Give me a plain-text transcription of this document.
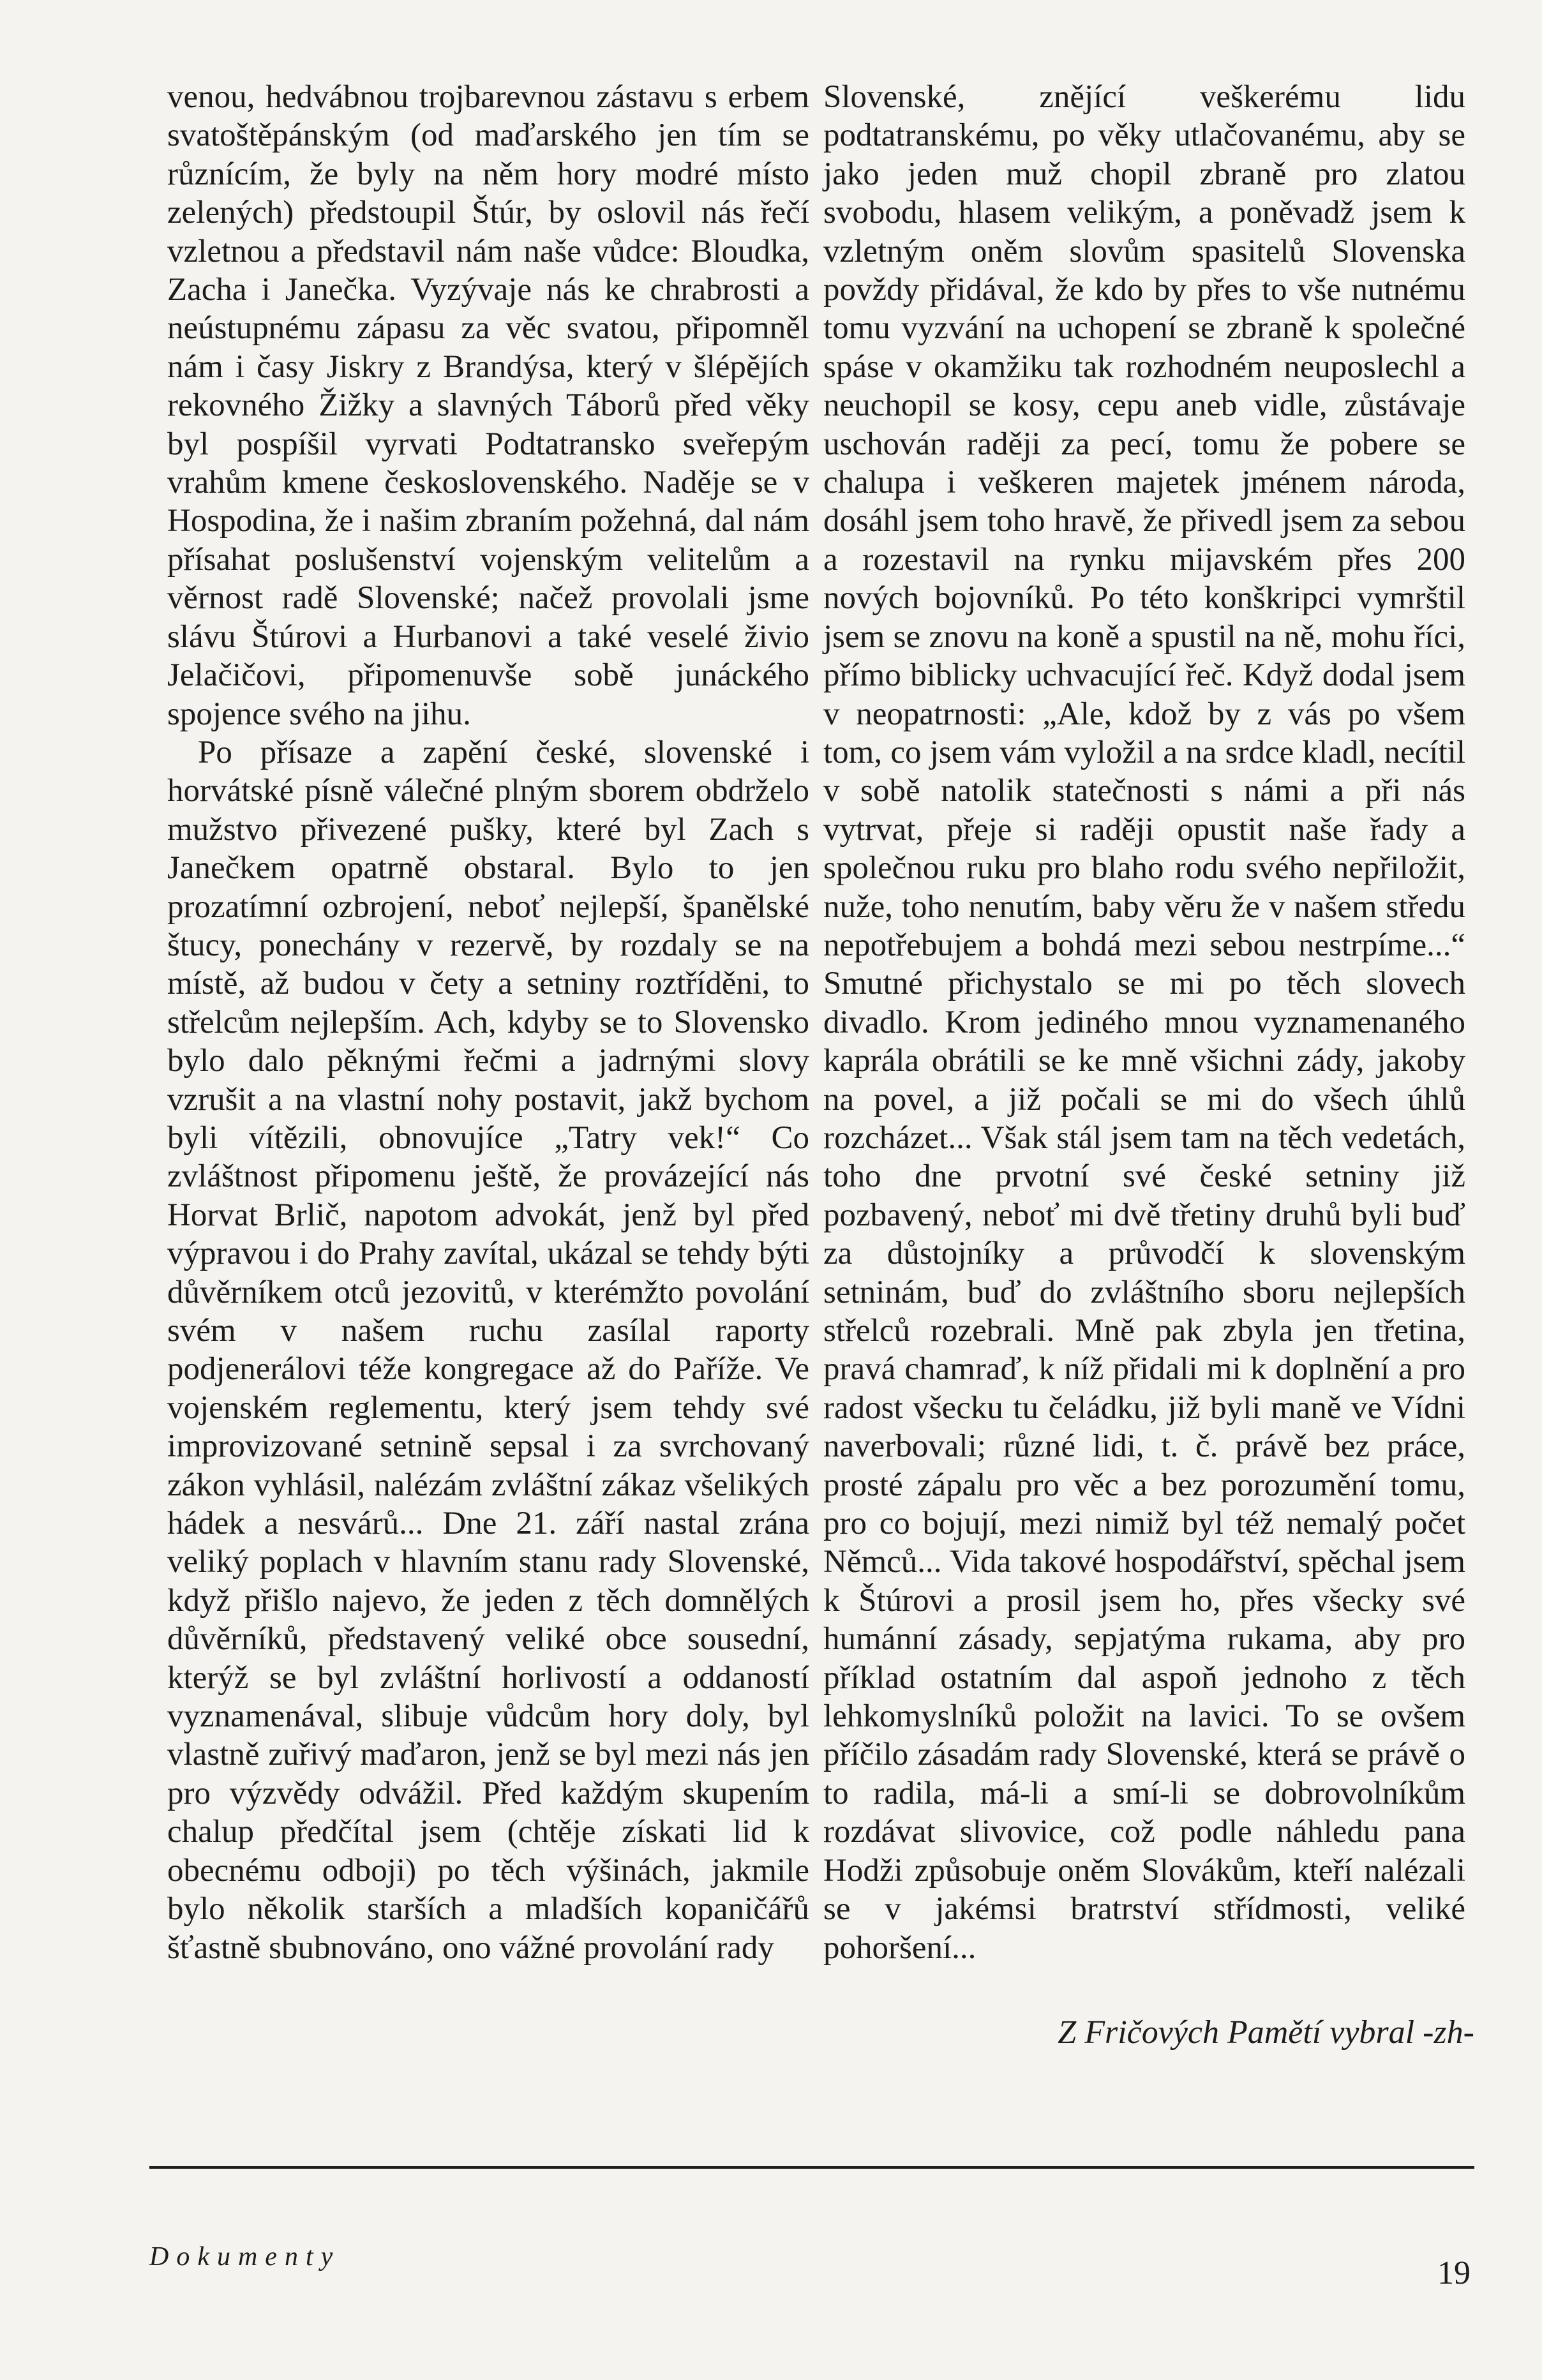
venou, hedvábnou trojbarevnou zástavu s erbem svatoštěpánským (od maďarského jen tím se různícím, že byly na něm hory modré místo zelených) předstoupil Štúr, by oslovil nás řečí vzletnou a představil nám naše vůdce: Bloudka, Zacha i Janečka. Vyzývaje nás ke chrabrosti a neústupnému zápasu za věc svatou, připomněl nám i časy Jiskry z Brandýsa, který v šlépějích rekovného Žižky a slavných Táborů před věky byl pospíšil vyrvati Podtatransko sveřepým vrahům kmene československého. Naděje se v Hospodina, že i našim zbraním požehná, dal nám přísahat poslušenství vojenským velitelům a věrnost radě Slovenské; načež provolali jsme slávu Štúrovi a Hurbanovi a také veselé živio Jelačičovi, připomenuvše sobě junáckého spojence svého na jihu.

Po přísaze a zapění české, slovenské i horvátské písně válečné plným sborem obdrželo mužstvo přivezené pušky, které byl Zach s Janečkem opatrně obstaral. Bylo to jen prozatímní ozbrojení, neboť nejlepší, španělské štucy, ponechány v rezervě, by rozdaly se na místě, až budou v čety a setniny roztříděni, to střelcům nejlepším. Ach, kdyby se to Slovensko bylo dalo pěknými řečmi a jadrnými slovy vzrušit a na vlastní nohy postavit, jakž bychom byli vítězili, obnovujíce „Tatry vek!“ Co zvláštnost připomenu ještě, že provázející nás Horvat Brlič, napotom advokát, jenž byl před výpravou i do Prahy zavítal, ukázal se tehdy býti důvěrníkem otců jezovitů, v kterémžto povolání svém v našem ruchu zasílal raporty podjenerálovi téže kongregace až do Paříže. Ve vojenském reglementu, který jsem tehdy své improvizované setnině sepsal i za svrchovaný zákon vyhlásil, nalézám zvláštní zákaz všelikých hádek a nesvárů... Dne 21. září nastal zrána veliký poplach v hlavním stanu rady Slovenské, když přišlo najevo, že jeden z těch domnělých důvěrníků, představený veliké obce sousední, kterýž se byl zvláštní horlivostí a oddaností vyznamenával, slibuje vůdcům hory doly, byl vlastně zuřivý maďaron, jenž se byl mezi nás jen pro výzvědy odvážil. Před každým skupením chalup předčítal jsem (chtěje získati lid k obecnému odboji) po těch výšinách, jakmile bylo několik starších a mladších kopaničářů šťastně sbubnováno, ono vážné provolání rady

Slovenské, znějící veškerému lidu podtatranskému, po věky utlačovanému, aby se jako jeden muž chopil zbraně pro zlatou svobodu, hlasem velikým, a poněvadž jsem k vzletným oněm slovům spasitelů Slovenska povždy přidával, že kdo by přes to vše nutnému tomu vyzvání na uchopení se zbraně k společné spáse v okamžiku tak rozhodném neuposlechl a neuchopil se kosy, cepu aneb vidle, zůstávaje uschován raději za pecí, tomu že pobere se chalupa i veškeren majetek jménem národa, dosáhl jsem toho hravě, že přivedl jsem za sebou a rozestavil na rynku mijavském přes 200 nových bojovníků. Po této konškripci vymrštil jsem se znovu na koně a spustil na ně, mohu říci, přímo biblicky uchvacující řeč. Když dodal jsem v neopatrnosti: „Ale, kdož by z vás po všem tom, co jsem vám vyložil a na srdce kladl, necítil v sobě natolik statečnosti s námi a při nás vytrvat, přeje si raději opustit naše řady a společnou ruku pro blaho rodu svého nepřiložit, nuže, toho nenutím, baby věru že v našem středu nepotřebujem a bohdá mezi sebou nestrpíme...“ Smutné přichystalo se mi po těch slovech divadlo. Krom jediného mnou vyznamenaného kaprála obrátili se ke mně všichni zády, jakoby na povel, a již počali se mi do všech úhlů rozcházet... Však stál jsem tam na těch vedetách, toho dne prvotní své české setniny již pozbavený, neboť mi dvě třetiny druhů byli buď za důstojníky a průvodčí k slovenským setninám, buď do zvláštního sboru nejlepších střelců rozebrali. Mně pak zbyla jen třetina, pravá chamraď, k níž přidali mi k doplnění a pro radost všecku tu čeládku, již byli maně ve Vídni naverbovali; různé lidi, t. č. právě bez práce, prosté zápalu pro věc a bez porozumění tomu, pro co bojují, mezi nimiž byl též nemalý počet Němců... Vida takové hospodářství, spěchal jsem k Štúrovi a prosil jsem ho, přes všecky své humánní zásady, sepjatýma rukama, aby pro příklad ostatním dal aspoň jednoho z těch lehkomyslníků položit na lavici. To se ovšem příčilo zásadám rady Slovenské, která se právě o to radila, má-li a smí-li se dobrovolníkům rozdávat slivovice, což podle náhledu pana Hodži způsobuje oněm Slovákům, kteří nalézali se v jakémsi bratrství střídmosti, veliké pohoršení...

Z Fričových Pamětí vybral -zh-
Dokumenty	19
